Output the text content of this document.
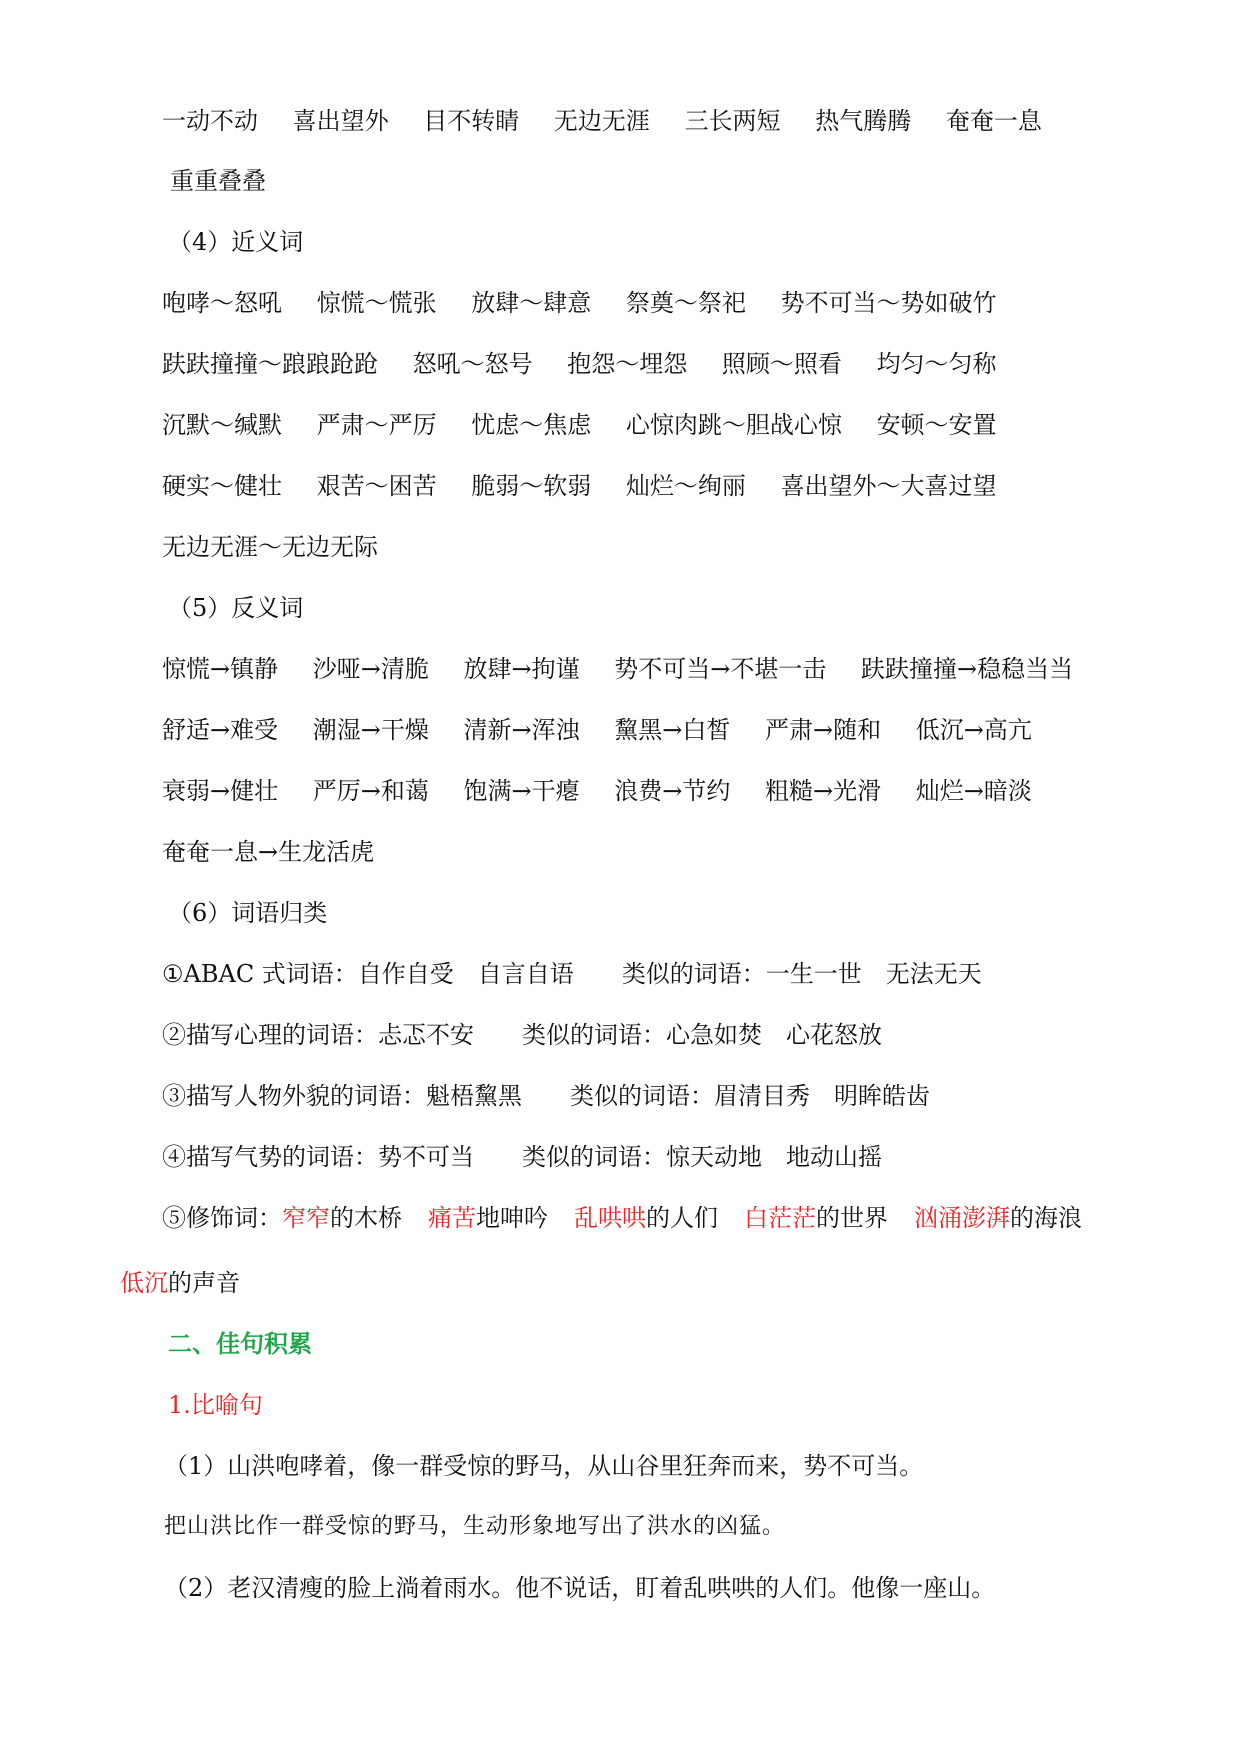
一动不动 喜出望外 目不转睛 无边无涯 三长两短 热气腾腾 奄奄一息
重重叠叠
（4）近义词
咆哮～怒吼 惊慌～慌张 放肆～肆意 祭奠～祭祀 势不可当～势如破竹
趺趺撞撞～踉踉跄跄 怒吼～怒号 抱怨～埋怨 照顾～照看 均匀～匀称
沉默～缄默 严肃～严厉 忧虑～焦虑 心惊肉跳～胆战心惊 安顿～安置
硬实～健壮 艰苦～困苦 脆弱～软弱 灿烂～绚丽 喜出望外～大喜过望
无边无涯～无边无际
（5）反义词
惊慌→镇静 沙哑→清脆 放肆→拘谨 势不可当→不堪一击 趺趺撞撞→稳稳当当
舒适→难受 潮湿→干燥 清新→浑浊 黧黑→白皙 严肃→随和 低沉→高亢
衰弱→健壮 严厉→和蔼 饱满→干瘪 浪费→节约 粗糙→光滑 灿烂→暗淡
奄奄一息→生龙活虎
（6）词语归类
①ABAC 式词语：自作自受　自言自语 类似的词语：一生一世　无法无天
②描写心理的词语：忐忑不安 类似的词语：心急如焚　心花怒放
③描写人物外貌的词语：魁梧黧黑 类似的词语：眉清目秀　明眸皓齿
④描写气势的词语：势不可当 类似的词语：惊天动地　地动山摇
⑤修饰词：窄窄的木桥 痛苦地呻吟 乱哄哄的人们 白茫茫的世界 汹涌澎湃的海浪
低沉的声音
二、佳句积累
1.比喻句
（1）山洪咆哮着，像一群受惊的野马，从山谷里狂奔而来，势不可当。
把山洪比作一群受惊的野马，生动形象地写出了洪水的凶猛。
（2）老汉清瘦的脸上淌着雨水。他不说话，盯着乱哄哄的人们。他像一座山。
